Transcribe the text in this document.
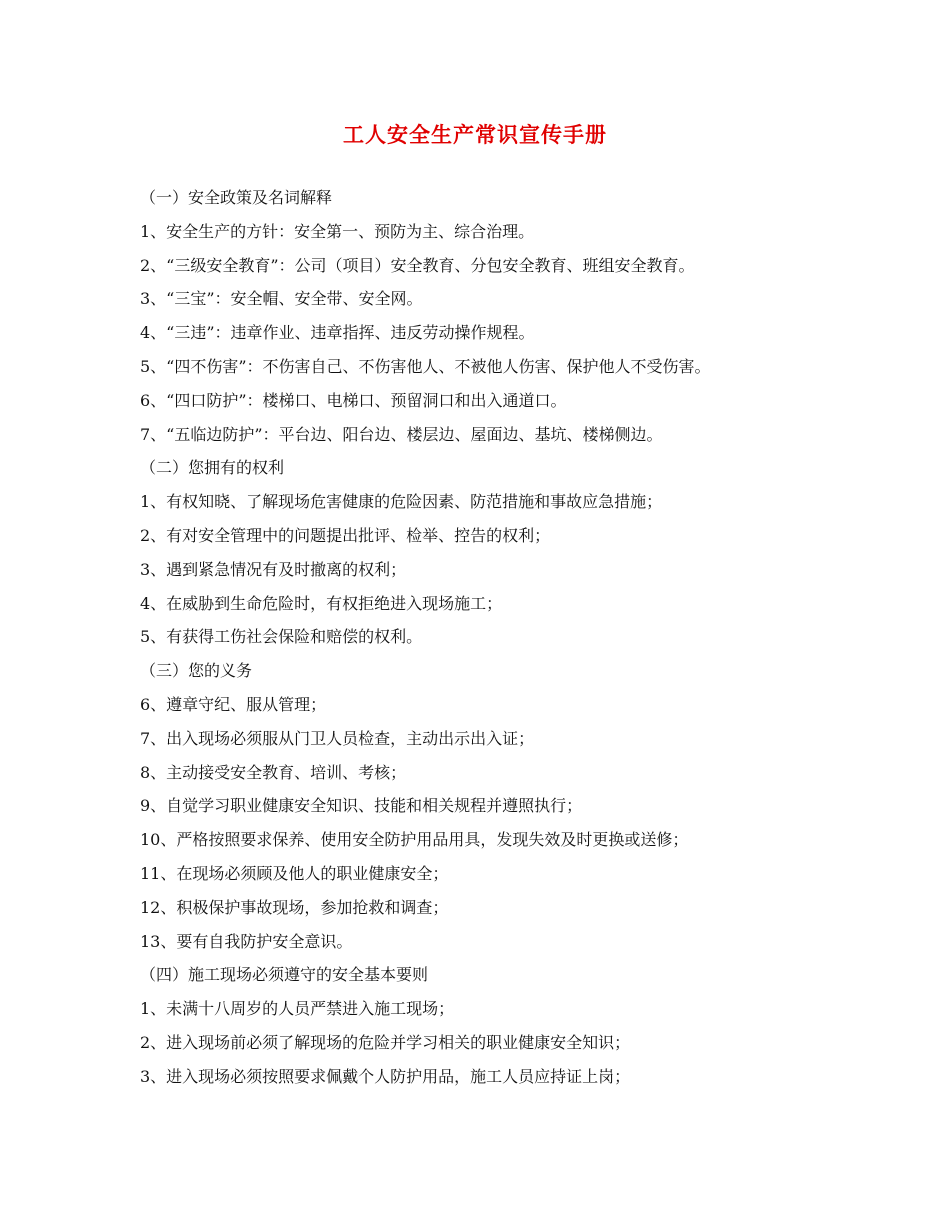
工人安全生产常识宣传手册
（一）安全政策及名词解释
1、安全生产的方针：安全第一、预防为主、综合治理。
2、“三级安全教育”：公司（项目）安全教育、分包安全教育、班组安全教育。
3、“三宝”：安全帽、安全带、安全网。
4、“三违”：违章作业、违章指挥、违反劳动操作规程。
5、“四不伤害”：不伤害自己、不伤害他人、不被他人伤害、保护他人不受伤害。
6、“四口防护”：楼梯口、电梯口、预留洞口和出入通道口。
7、“五临边防护”：平台边、阳台边、楼层边、屋面边、基坑、楼梯侧边。
（二）您拥有的权利
1、有权知晓、了解现场危害健康的危险因素、防范措施和事故应急措施；
2、有对安全管理中的问题提出批评、检举、控告的权利；
3、遇到紧急情况有及时撤离的权利；
4、在威胁到生命危险时，有权拒绝进入现场施工；
5、有获得工伤社会保险和赔偿的权利。
（三）您的义务
6、遵章守纪、服从管理；
7、出入现场必须服从门卫人员检查，主动出示出入证；
8、主动接受安全教育、培训、考核；
9、自觉学习职业健康安全知识、技能和相关规程并遵照执行；
10、严格按照要求保养、使用安全防护用品用具，发现失效及时更换或送修；
11、在现场必须顾及他人的职业健康安全；
12、积极保护事故现场，参加抢救和调查；
13、要有自我防护安全意识。
（四）施工现场必须遵守的安全基本要则
1、未满十八周岁的人员严禁进入施工现场；
2、进入现场前必须了解现场的危险并学习相关的职业健康安全知识；
3、进入现场必须按照要求佩戴个人防护用品，施工人员应持证上岗；
